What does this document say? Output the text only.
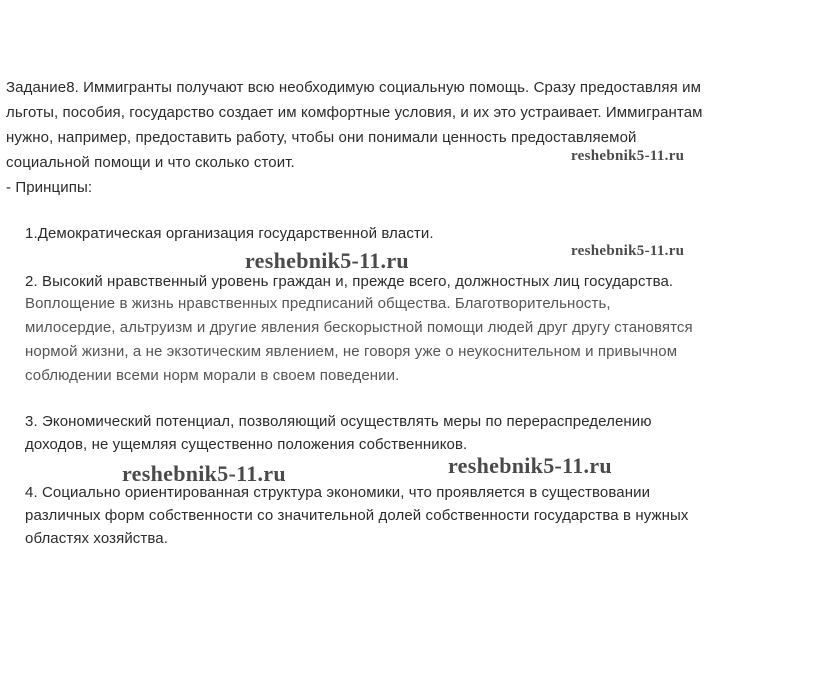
Задание8. Иммигранты получают всю необходимую социальную помощь. Сразу предоставляя им
льготы, пособия, государство создает им комфортные условия, и их это устраивает. Иммигрантам
нужно, например, предоставить работу, чтобы они понимали ценность предоставляемой
социальной помощи и что сколько стоит.
- Принципы:
1.Демократическая организация государственной власти.
2. Высокий нравственный уровень граждан и, прежде всего, должностных лиц государства.
Воплощение в жизнь нравственных предписаний общества. Благотворительность,
милосердие, альтруизм и другие явления бескорыстной помощи людей друг другу становятся
нормой жизни, а не экзотическим явлением, не говоря уже о неукоснительном и привычном
соблюдении всеми норм морали в своем поведении.
3. Экономический потенциал, позволяющий осуществлять меры по перераспределению
доходов, не ущемляя существенно положения собственников.
4. Социально ориентированная структура экономики, что проявляется в существовании
различных форм собственности со значительной долей собственности государства в нужных
областях хозяйства.
reshebnik5-11.ru
reshebnik5-11.ru
reshebnik5-11.ru
reshebnik5-11.ru	reshebnik5-11.ru
